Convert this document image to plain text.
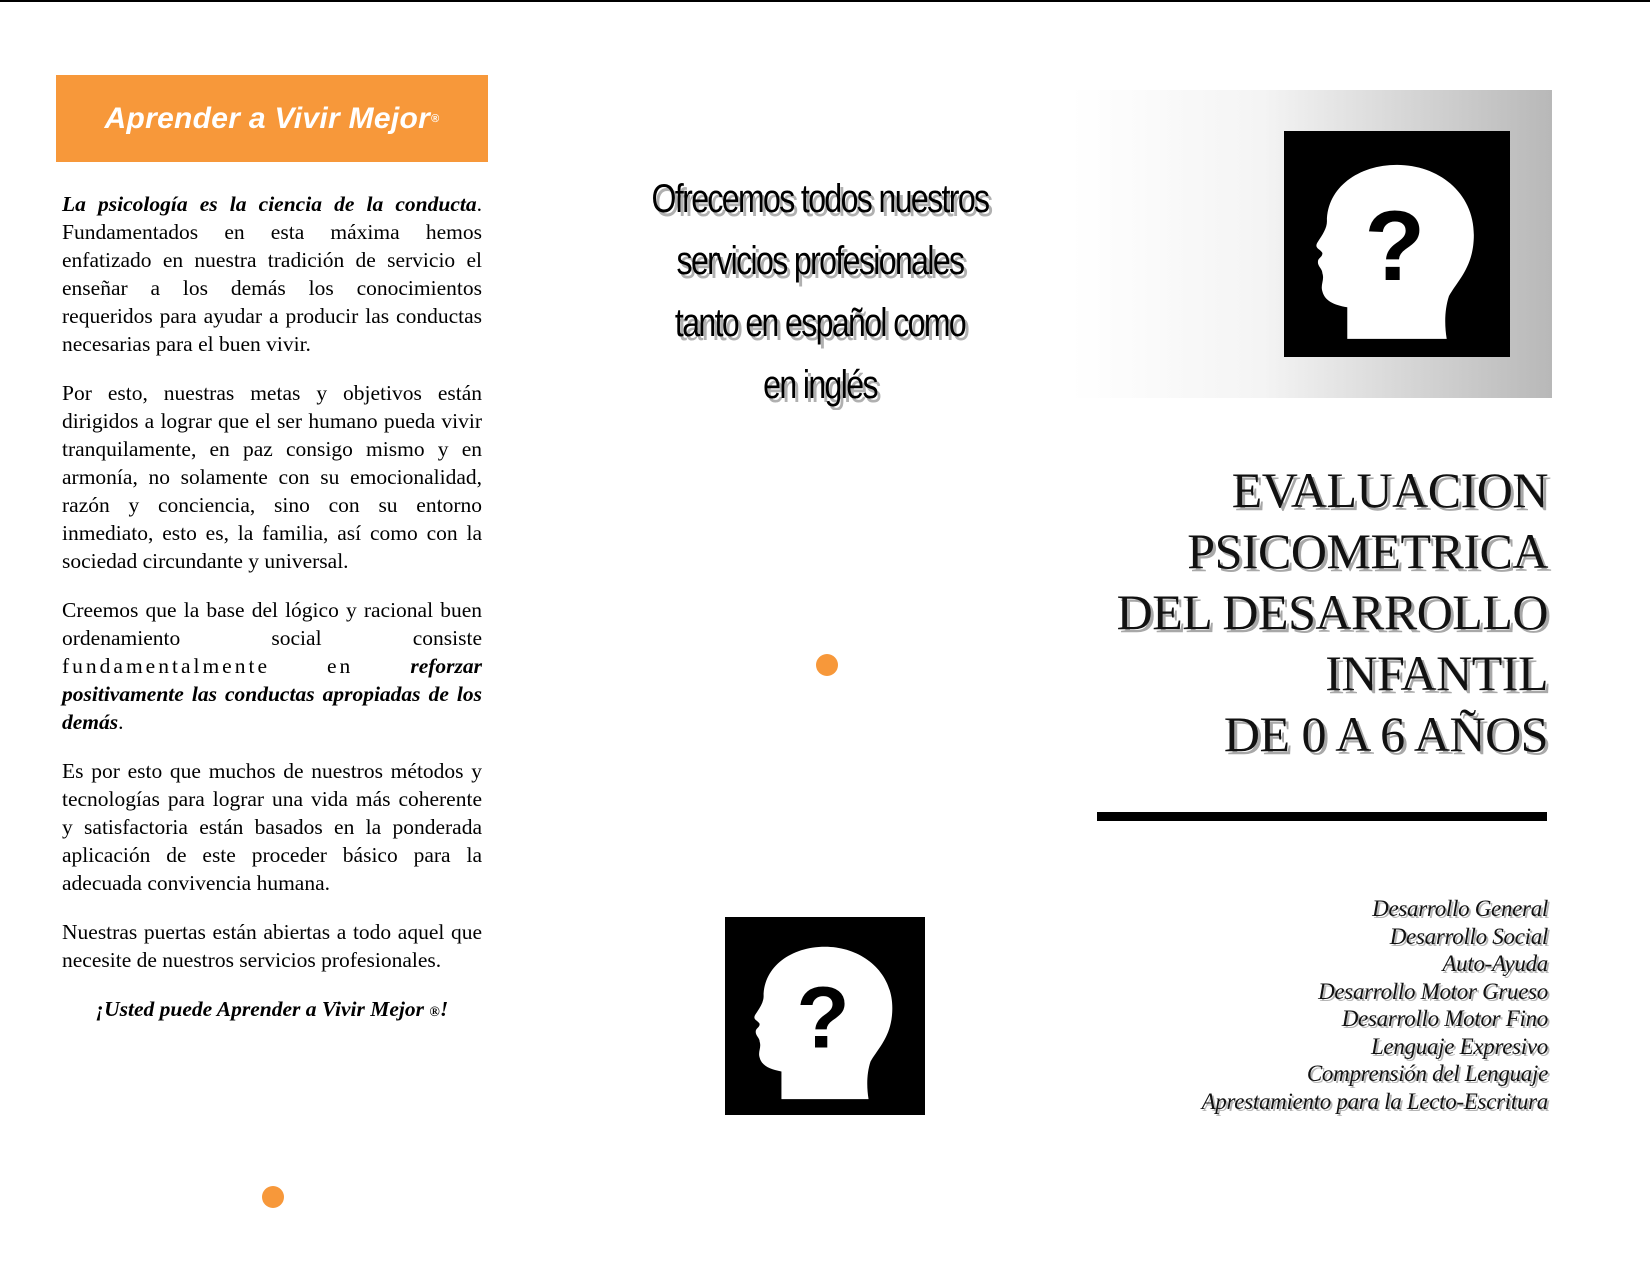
Aprender a Vivir Mejor ®

La psicología es la ciencia de la conducta. Fundamentados en esta máxima hemos enfatizado en nuestra tradición de servicio el enseñar a los demás los conocimientos requeridos para ayudar a producir las conductas necesarias para el buen vivir.

Por esto, nuestras metas y objetivos están dirigidos a lograr que el ser humano pueda vivir tranquilamente, en paz consigo mismo y en armonía, no solamente con su emocionalidad, razón y conciencia, sino con su entorno inmediato, esto es, la familia, así como con la sociedad circundante y universal.

Creemos que la base del lógico y racional buen ordenamiento social consiste fundamentalmente en reforzar positivamente las conductas apropiadas de los demás.

Es por esto que muchos de nuestros métodos y tecnologías para lograr una vida más coherente y satisfactoria están basados en la ponderada aplicación de este proceder básico para la adecuada convivencia humana.

Nuestras puertas están abiertas a todo aquel que necesite de nuestros servicios profesionales.

¡Usted puede Aprender a Vivir Mejor ®!

Ofrecemos todos nuestros
servicios profesionales
tanto en español como
en inglés
?
?
EVALUACION
PSICOMETRICA
DEL DESARROLLO
INFANTIL
DE 0 A 6 AÑOS
Desarrollo General
Desarrollo Social
Auto-Ayuda
Desarrollo Motor Grueso
Desarrollo Motor Fino
Lenguaje Expresivo
Comprensión del Lenguaje
Aprestamiento para la Lecto-Escritura
